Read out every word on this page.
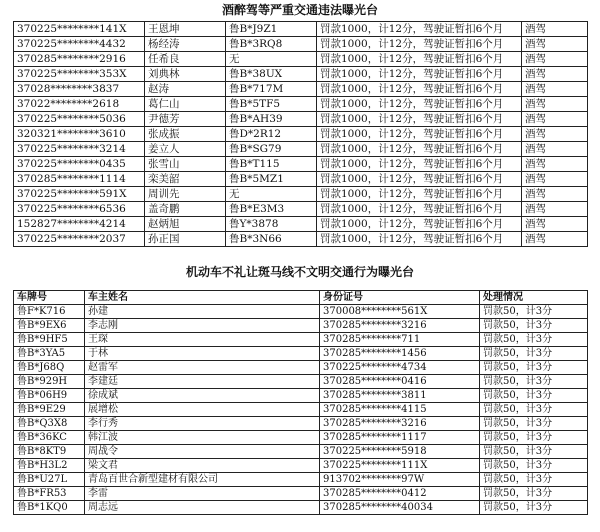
酒醉驾等严重交通违法曝光台
370225********141X	王恩坤	鲁B*J9Z1	罚款1000，计12分，驾驶证暂扣6个月	酒驾
370225********4432	杨经涛	鲁B*3RQ8	罚款1000，计12分，驾驶证暂扣6个月	酒驾
370285********2916	任希良	无	罚款1000，计12分，驾驶证暂扣6个月	酒驾
370225********353X	刘典林	鲁B*38UX	罚款1000，计12分，驾驶证暂扣6个月	酒驾
37028********3837	赵涛	鲁B*717M	罚款1000，计12分，驾驶证暂扣6个月	酒驾
37022********2618	葛仁山	鲁B*5TF5	罚款1000，计12分，驾驶证暂扣6个月	酒驾
370225********5036	尹德芳	鲁B*AH39	罚款1000，计12分，驾驶证暂扣6个月	酒驾
320321********3610	张成振	鲁D*2R12	罚款1000，计12分，驾驶证暂扣6个月	酒驾
370225********3214	姜立人	鲁B*SG79	罚款1000，计12分，驾驶证暂扣6个月	酒驾
370225********0435	张雪山	鲁B*T115	罚款1000，计12分，驾驶证暂扣6个月	酒驾
370285********1114	栾美韶	鲁B*5MZ1	罚款1000，计12分，驾驶证暂扣6个月	酒驾
370225********591X	周训先	无	罚款1000，计12分，驾驶证暂扣6个月	酒驾
370225********6536	盖奇鹏	鲁B*E3M3	罚款1000，计12分，驾驶证暂扣6个月	酒驾
152827********4214	赵炳旭	鲁Y*3878	罚款1000，计12分，驾驶证暂扣6个月	酒驾
370225********2037	孙正国	鲁B*3N66	罚款1000，计12分，驾驶证暂扣6个月	酒驾
机动车不礼让斑马线不文明交通行为曝光台
车牌号	车主姓名	身份证号	处理情况
鲁F*K716	孙建	370008********561X	罚款50，计3分
鲁B*9EX6	李志刚	370285********3216	罚款50，计3分
鲁B*9HF5	王琛	370285********711	罚款50，计3分
鲁B*3YA5	于林	370285********1456	罚款50，计3分
鲁B*J68Q	赵雷军	370225********4734	罚款50，计3分
鲁B*929H	李建廷	370285********0416	罚款50，计3分
鲁B*06H9	徐成斌	370285********3811	罚款50，计3分
鲁B*9E29	展增松	370285********4115	罚款50，计3分
鲁B*Q3X8	李行秀	370285********3216	罚款50，计3分
鲁B*36KC	韩江波	370285********1117	罚款50，计3分
鲁B*8KT9	周战令	370225********5918	罚款50，计3分
鲁B*H3L2	梁文君	370225********111X	罚款50，计3分
鲁B*U27L	青岛百世合新型建材有限公司	913702********97W	罚款50，计3分
鲁B*FR53	李雷	370285********0412	罚款50，计3分
鲁B*1KQ0	周志远	370285********40034	罚款50，计3分
